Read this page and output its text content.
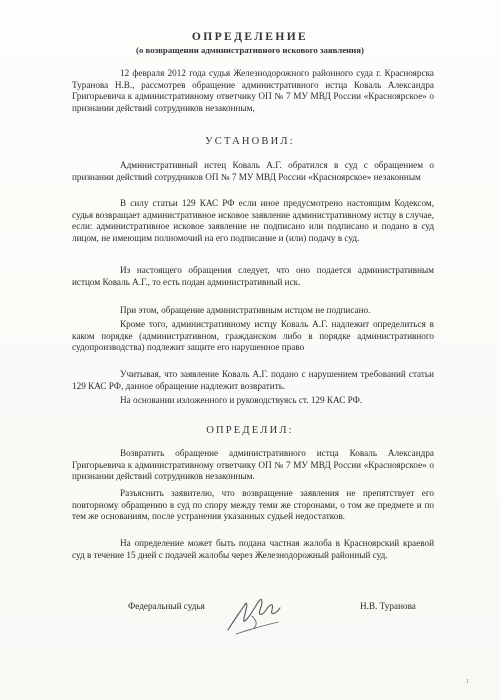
ОПРЕДЕЛЕНИЕ
(о возвращении административного искового заявления)

12 февраля 2012 года судья Железнодорожного районного суда г. Красноярска Туранова Н.В., рассмотрев обращение административного истца Коваль Александра Григорьевича к административному ответчику ОП № 7 МУ МВД России «Красноярское» о признании действий сотрудников незаконным,

УСТАНОВИЛ:

Административный истец Коваль А.Г. обратился в суд с обращением о признании действий сотрудников ОП № 7 МУ МВД России «Красноярское» незаконным

В силу статьи 129 КАС РФ если иное предусмотрено настоящим Кодексом, судья возвращает административное исковое заявление административному истцу в случае, если: административное исковое заявление не подписано или подписано и подано в суд лицом, не имеющим полномочий на его подписание и (или) подачу в суд.

Из настоящего обращения следует, что оно подается административным истцом Коваль А.Г., то есть подан административный иск.

При этом, обращение административным истцом не подписано.

Кроме того, административному истцу Коваль А.Г. надлежит определиться в каком порядке (административном, гражданском либо в порядке административного судопроизводства) подлежит защите его нарушенное право

Учитывая, что заявление Коваль А.Г. подано с нарушением требований статьи 129 КАС РФ, данное обращение надлежит возвратить.

На основании изложенного и руководствуясь ст. 129 КАС РФ.

ОПРЕДЕЛИЛ:

Возвратить обращение административного истца Коваль Александра Григорьевича к административному ответчику ОП № 7 МУ МВД России «Красноярское» о признании действий сотрудников незаконным.

Разъяснить заявителю, что возвращение заявления не препятствует его повторному обращению в суд по спору между теми же сторонами, о том же предмете и по тем же основаниям, после устранения указанных судьей недостатков.

На определение может быть подана частная жалоба в Красноярский краевой суд в течение 15 дней с подачей жалобы через Железнодорожный районный суд.

Федеральный судья	Н.В. Туранова
1
